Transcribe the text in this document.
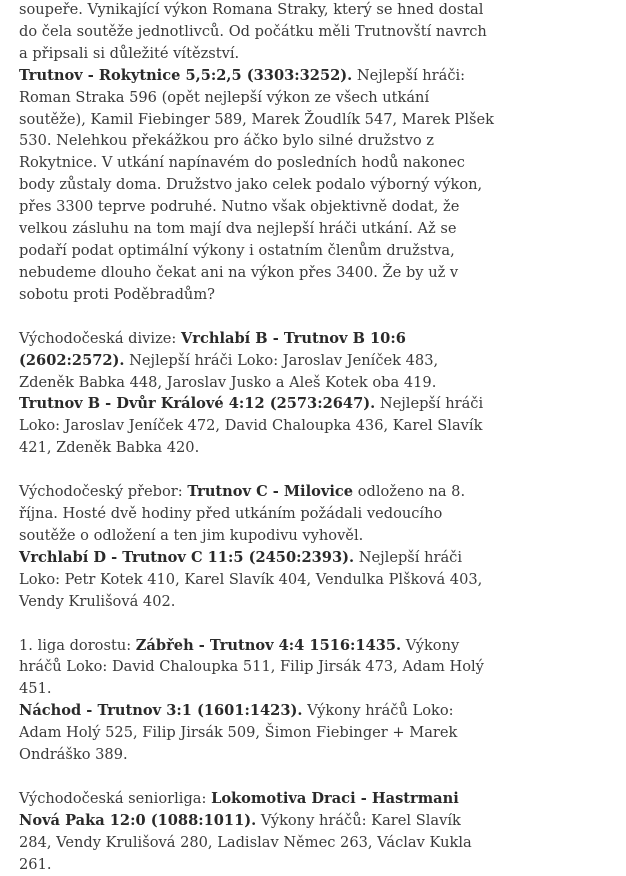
soupeře. Vynikající výkon Romana Straky, který se hned dostal do čela soutěže jednotlivců. Od počátku měli Trutnovští navrch a připsali si důležité vítězství.
Trutnov - Rokytnice 5,5:2,5 (3303:3252). Nejlepší hráči: Roman Straka 596 (opět nejlepší výkon ze všech utkání soutěže), Kamil Fiebinger 589, Marek Žoudlík 547, Marek Plšek 530. Nelehkou překážkou pro áčko bylo silné družstvo z Rokytnice. V utkání napínavém do posledních hodů nakonec body zůstaly doma. Družstvo jako celek podalo výborný výkon, přes 3300 teprve podruhé. Nutno však objektivně dodat, že velkou zásluhu na tom mají dva nejlepší hráči utkání. Až se podaří podat optimální výkony i ostatním členům družstva, nebudeme dlouho čekat ani na výkon přes 3400. Že by už v sobotu proti Poděbradům?

Východočeská divize: Vrchlabí B - Trutnov B 10:6 (2602:2572). Nejlepší hráči Loko: Jaroslav Jeníček 483, Zdeněk Babka 448, Jaroslav Jusko a Aleš Kotek oba 419.
Trutnov B - Dvůr Králové 4:12 (2573:2647). Nejlepší hráči Loko: Jaroslav Jeníček 472, David Chaloupka 436, Karel Slavík 421, Zdeněk Babka 420.

Východočeský přebor: Trutnov C - Milovice odloženo na 8. října. Hosté dvě hodiny před utkáním požádali vedoucího soutěže o odložení a ten jim kupodivu vyhověl.
Vrchlabí D - Trutnov C 11:5 (2450:2393). Nejlepší hráči Loko: Petr Kotek 410, Karel Slavík 404, Vendulka Plšková 403, Vendy Krulišová 402.

1. liga dorostu: Zábřeh - Trutnov 4:4 1516:1435. Výkony hráčů Loko: David Chaloupka 511, Filip Jirsák 473, Adam Holý 451.
Náchod - Trutnov 3:1 (1601:1423). Výkony hráčů Loko: Adam Holý 525, Filip Jirsák 509, Šimon Fiebinger + Marek Ondráško 389.

Východočeská seniorliga: Lokomotiva Draci - Hastrmani Nová Paka 12:0 (1088:1011). Výkony hráčů: Karel Slavík 284, Vendy Krulišová 280, Ladislav Němec 263, Václav Kukla 261.
